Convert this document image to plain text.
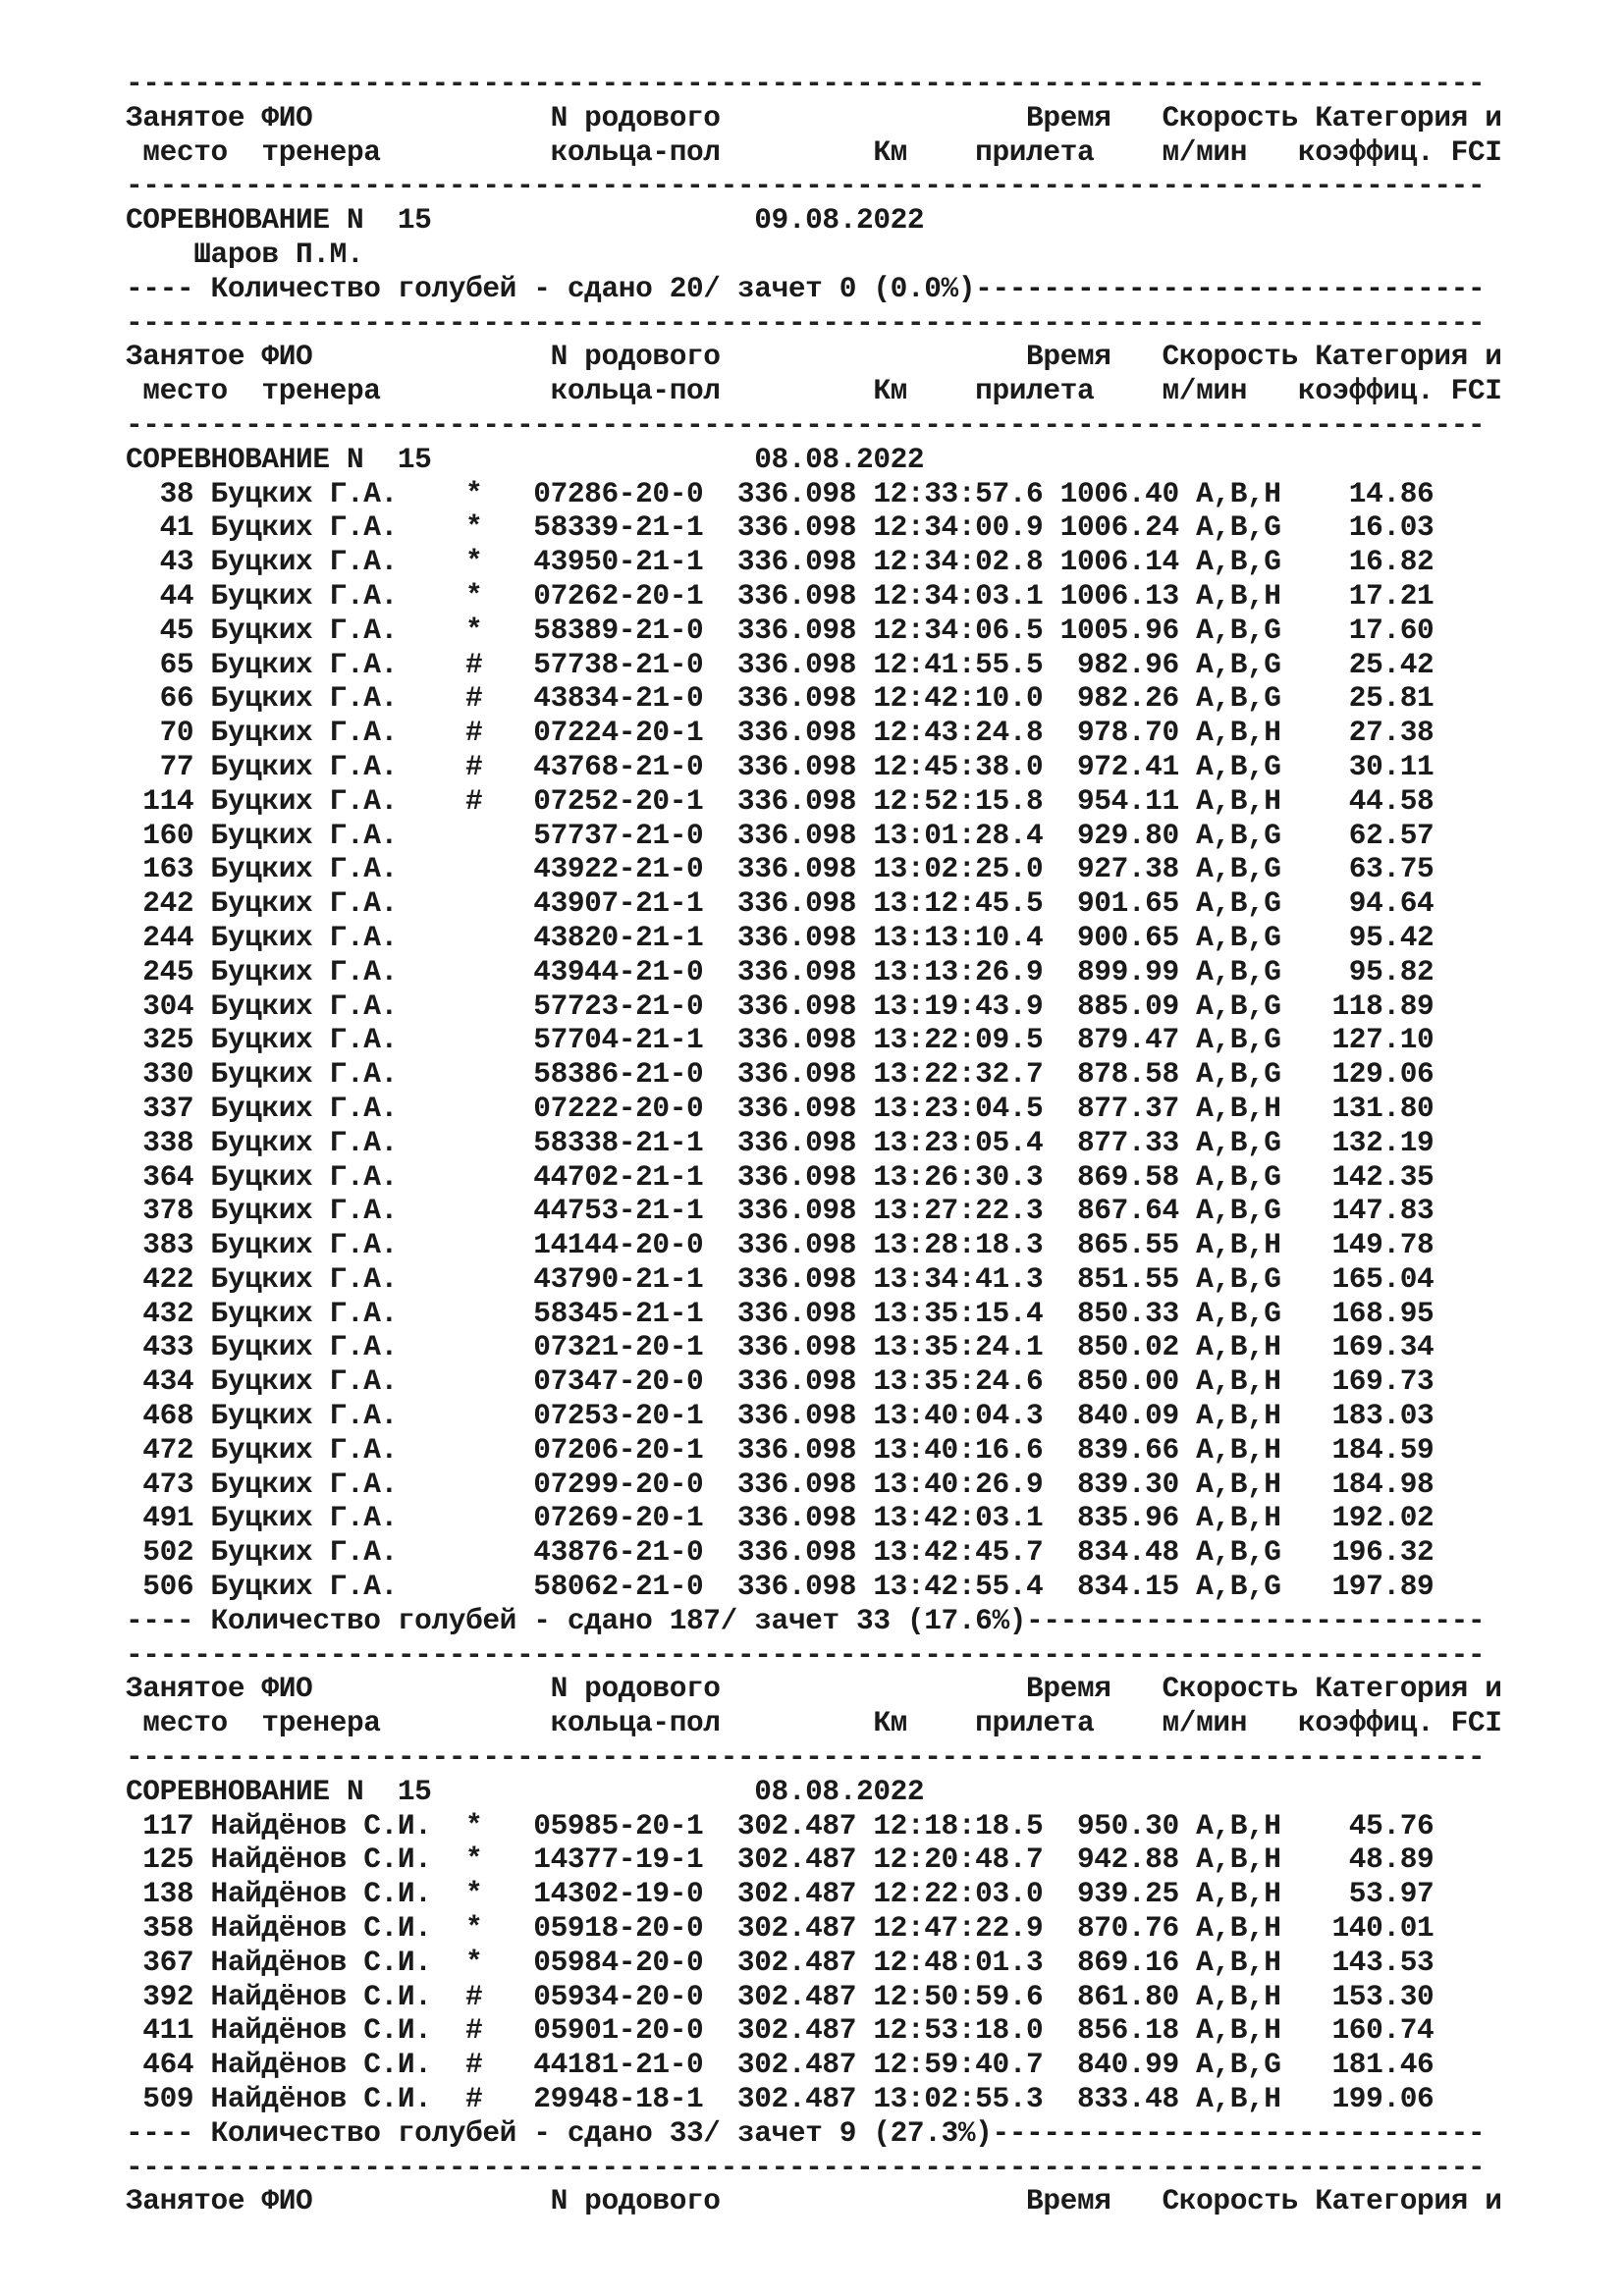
--------------------------------------------------------------------------------
Занятое ФИО              N родового                  Время   Скорость Категория и
место  тренера          кольца-пол         Км    прилета    м/мин   коэффиц. FCI
--------------------------------------------------------------------------------
СОРЕВНОВАНИЕ N  15                   09.08.2022
Шаров П.М.
---- Количество голубей - сдано 20/ зачет 0 (0.0%)------------------------------
--------------------------------------------------------------------------------
Занятое ФИО              N родового                  Время   Скорость Категория и
место  тренера          кольца-пол         Км    прилета    м/мин   коэффиц. FCI
--------------------------------------------------------------------------------
СОРЕВНОВАНИЕ N  15                   08.08.2022
38 Буцких Г.А.    *   07286-20-0  336.098 12:33:57.6 1006.40 A,B,H    14.86
41 Буцких Г.А.    *   58339-21-1  336.098 12:34:00.9 1006.24 A,B,G    16.03
43 Буцких Г.А.    *   43950-21-1  336.098 12:34:02.8 1006.14 A,B,G    16.82
44 Буцких Г.А.    *   07262-20-1  336.098 12:34:03.1 1006.13 A,B,H    17.21
45 Буцких Г.А.    *   58389-21-0  336.098 12:34:06.5 1005.96 A,B,G    17.60
65 Буцких Г.А.    #   57738-21-0  336.098 12:41:55.5  982.96 A,B,G    25.42
66 Буцких Г.А.    #   43834-21-0  336.098 12:42:10.0  982.26 A,B,G    25.81
70 Буцких Г.А.    #   07224-20-1  336.098 12:43:24.8  978.70 A,B,H    27.38
77 Буцких Г.А.    #   43768-21-0  336.098 12:45:38.0  972.41 A,B,G    30.11
114 Буцких Г.А.    #   07252-20-1  336.098 12:52:15.8  954.11 A,B,H    44.58
160 Буцких Г.А.        57737-21-0  336.098 13:01:28.4  929.80 A,B,G    62.57
163 Буцких Г.А.        43922-21-0  336.098 13:02:25.0  927.38 A,B,G    63.75
242 Буцких Г.А.        43907-21-1  336.098 13:12:45.5  901.65 A,B,G    94.64
244 Буцких Г.А.        43820-21-1  336.098 13:13:10.4  900.65 A,B,G    95.42
245 Буцких Г.А.        43944-21-0  336.098 13:13:26.9  899.99 A,B,G    95.82
304 Буцких Г.А.        57723-21-0  336.098 13:19:43.9  885.09 A,B,G   118.89
325 Буцких Г.А.        57704-21-1  336.098 13:22:09.5  879.47 A,B,G   127.10
330 Буцких Г.А.        58386-21-0  336.098 13:22:32.7  878.58 A,B,G   129.06
337 Буцких Г.А.        07222-20-0  336.098 13:23:04.5  877.37 A,B,H   131.80
338 Буцких Г.А.        58338-21-1  336.098 13:23:05.4  877.33 A,B,G   132.19
364 Буцких Г.А.        44702-21-1  336.098 13:26:30.3  869.58 A,B,G   142.35
378 Буцких Г.А.        44753-21-1  336.098 13:27:22.3  867.64 A,B,G   147.83
383 Буцких Г.А.        14144-20-0  336.098 13:28:18.3  865.55 A,B,H   149.78
422 Буцких Г.А.        43790-21-1  336.098 13:34:41.3  851.55 A,B,G   165.04
432 Буцких Г.А.        58345-21-1  336.098 13:35:15.4  850.33 A,B,G   168.95
433 Буцких Г.А.        07321-20-1  336.098 13:35:24.1  850.02 A,B,H   169.34
434 Буцких Г.А.        07347-20-0  336.098 13:35:24.6  850.00 A,B,H   169.73
468 Буцких Г.А.        07253-20-1  336.098 13:40:04.3  840.09 A,B,H   183.03
472 Буцких Г.А.        07206-20-1  336.098 13:40:16.6  839.66 A,B,H   184.59
473 Буцких Г.А.        07299-20-0  336.098 13:40:26.9  839.30 A,B,H   184.98
491 Буцких Г.А.        07269-20-1  336.098 13:42:03.1  835.96 A,B,H   192.02
502 Буцких Г.А.        43876-21-0  336.098 13:42:45.7  834.48 A,B,G   196.32
506 Буцких Г.А.        58062-21-0  336.098 13:42:55.4  834.15 A,B,G   197.89
---- Количество голубей - сдано 187/ зачет 33 (17.6%)---------------------------
--------------------------------------------------------------------------------
Занятое ФИО              N родового                  Время   Скорость Категория и
место  тренера          кольца-пол         Км    прилета    м/мин   коэффиц. FCI
--------------------------------------------------------------------------------
СОРЕВНОВАНИЕ N  15                   08.08.2022
117 Найдёнов С.И.  *   05985-20-1  302.487 12:18:18.5  950.30 A,B,H    45.76
125 Найдёнов С.И.  *   14377-19-1  302.487 12:20:48.7  942.88 A,B,H    48.89
138 Найдёнов С.И.  *   14302-19-0  302.487 12:22:03.0  939.25 A,B,H    53.97
358 Найдёнов С.И.  *   05918-20-0  302.487 12:47:22.9  870.76 A,B,H   140.01
367 Найдёнов С.И.  *   05984-20-0  302.487 12:48:01.3  869.16 A,B,H   143.53
392 Найдёнов С.И.  #   05934-20-0  302.487 12:50:59.6  861.80 A,B,H   153.30
411 Найдёнов С.И.  #   05901-20-0  302.487 12:53:18.0  856.18 A,B,H   160.74
464 Найдёнов С.И.  #   44181-21-0  302.487 12:59:40.7  840.99 A,B,G   181.46
509 Найдёнов С.И.  #   29948-18-1  302.487 13:02:55.3  833.48 A,B,H   199.06
---- Количество голубей - сдано 33/ зачет 9 (27.3%)-----------------------------
--------------------------------------------------------------------------------
Занятое ФИО              N родового                  Время   Скорость Категория и
